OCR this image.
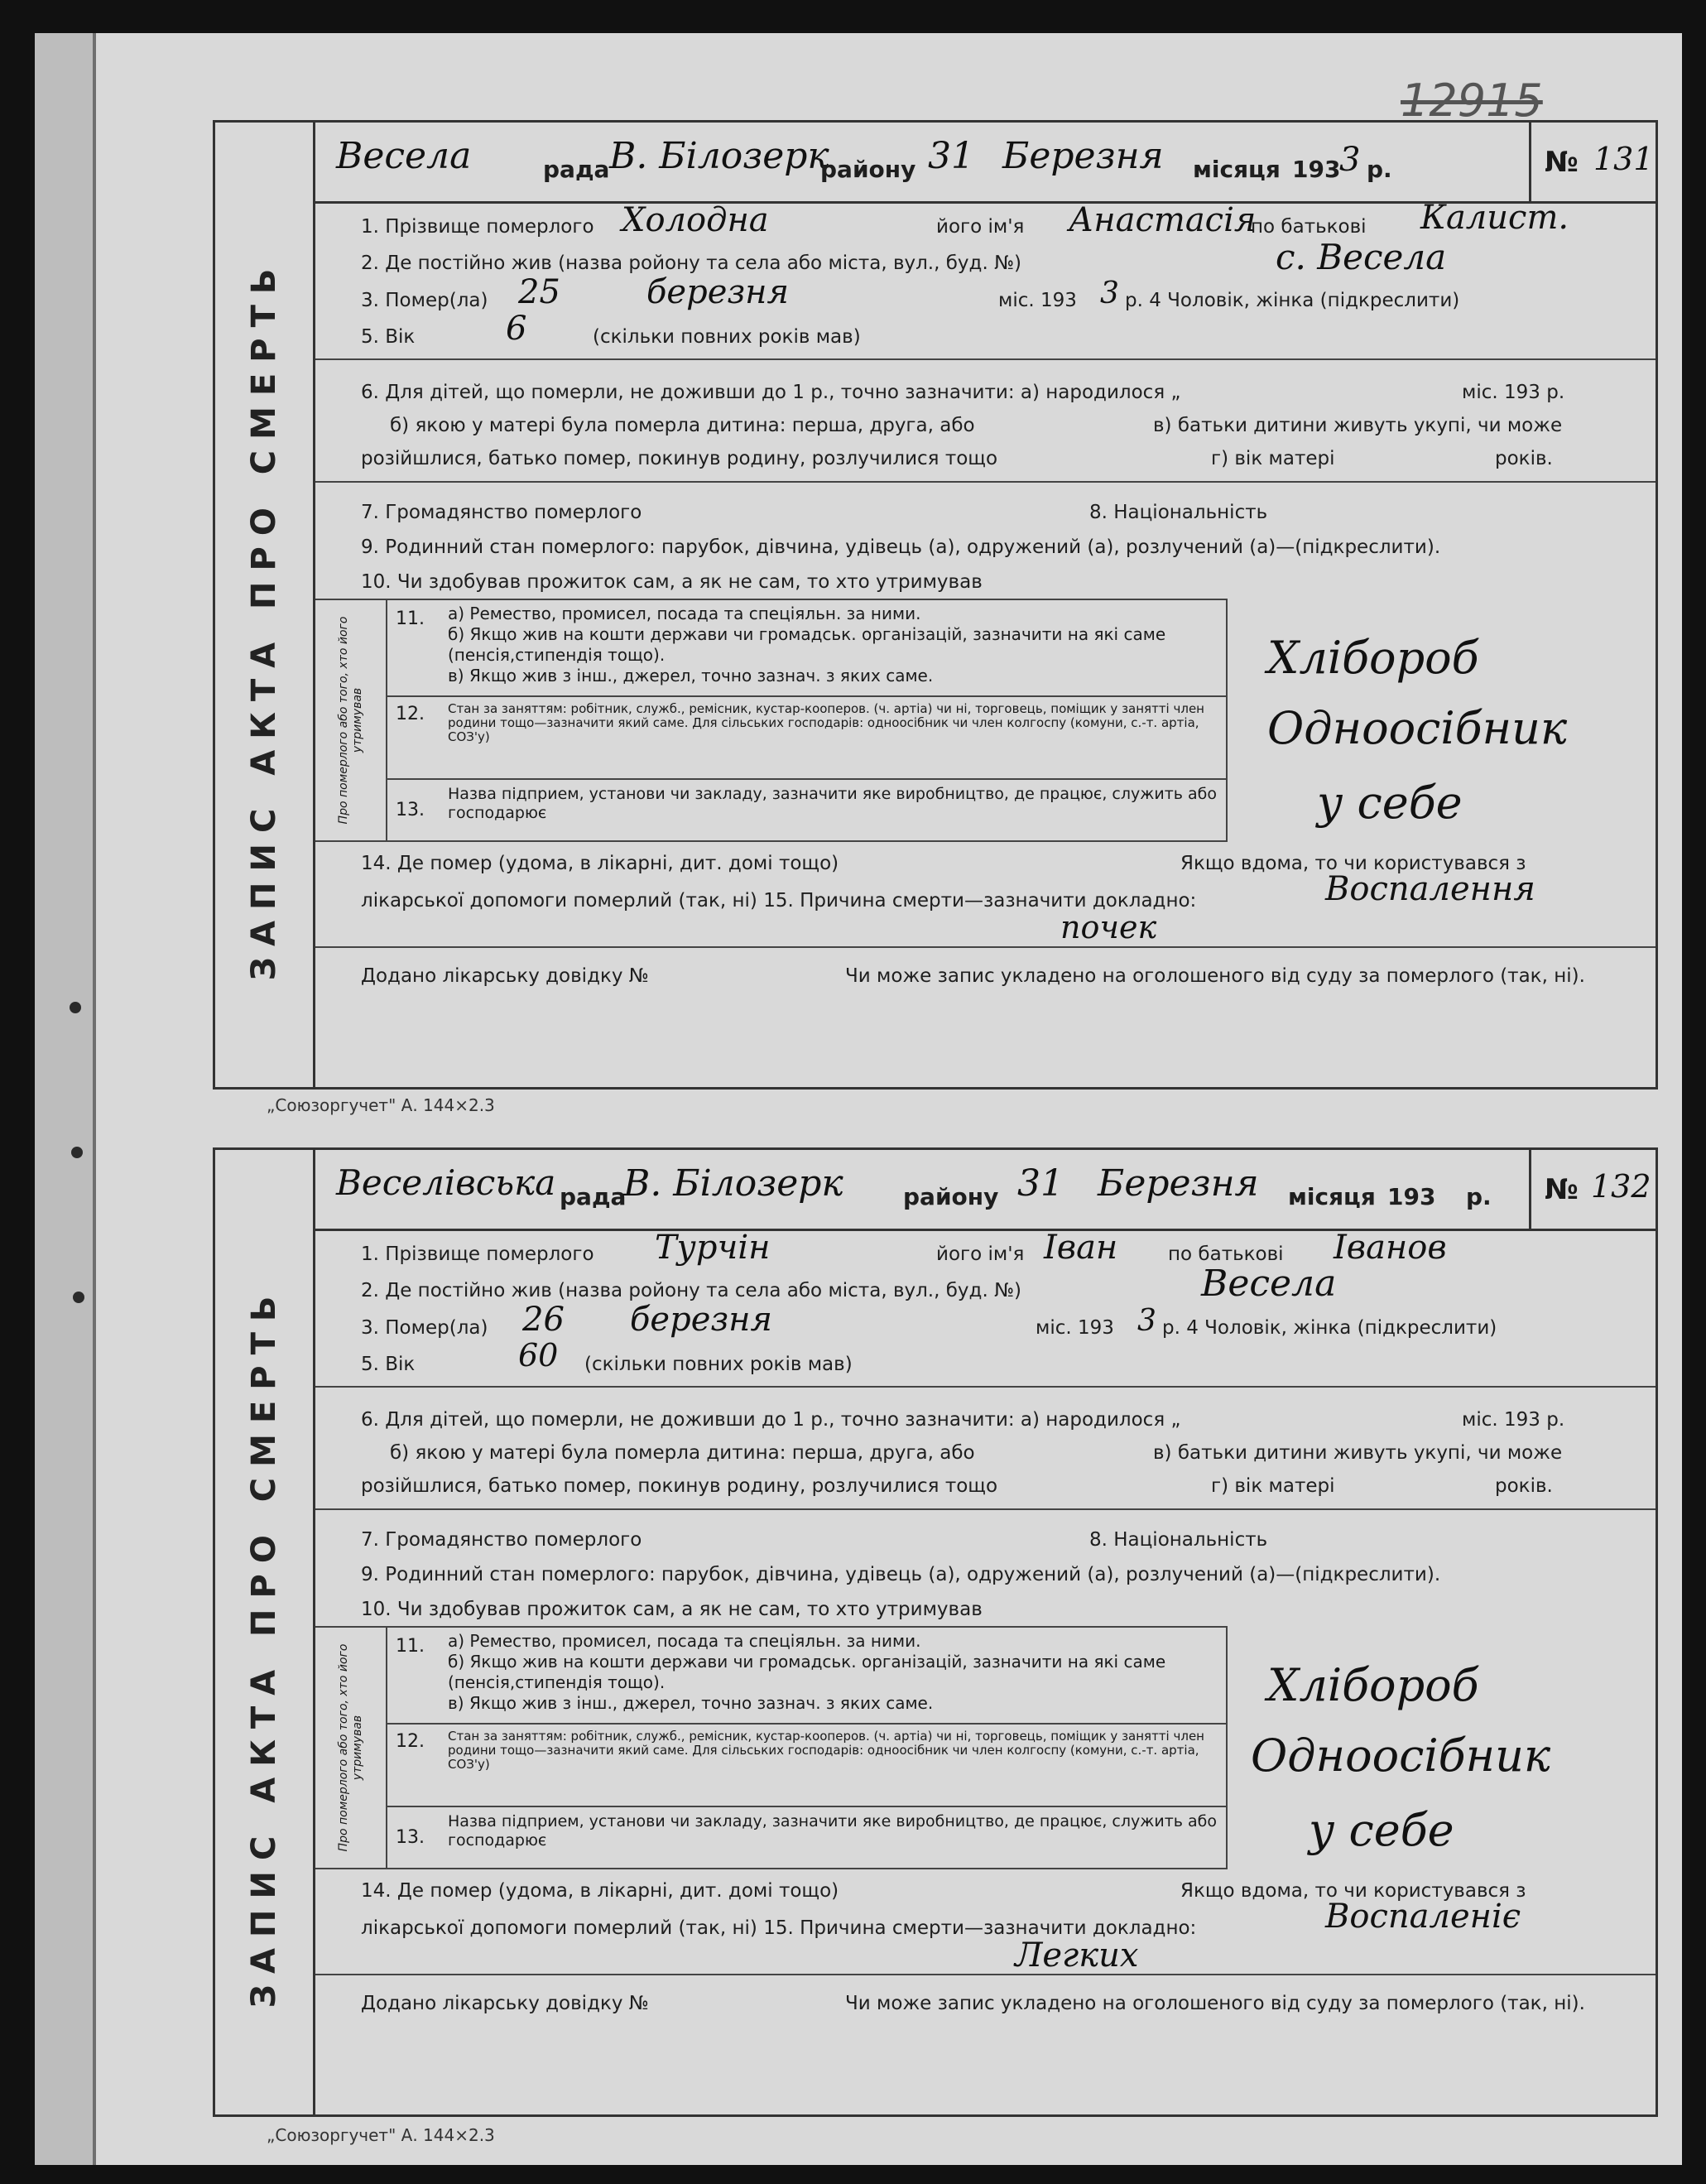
12915
ЗАПИС АКТА ПРО СМЕРТЬ
Весела	рада В. Білозерк
району 31 Березня місяця 193
3 р.	№ 131
1. Прізвище померлого Холодна	його ім'я Анастасія
по батькові Калист.
2. Де постійно жив (назва ройону та села або міста, вул., буд. №)	с. Весела
3. Помер(ла) 25	березня	міс. 193 3 р. 4 Чоловік, жінка (підкреслити)
5. Вік	6	(скільки повних років мав)
6. Для дітей, що померли, не доживши до 1 р., точно зазначити: а) народилося „	міс. 193 р.
б) якою у матері була померла дитина: перша, друга, або	в) батьки дитини живуть укупі, чи може
розійшлися, батько помер, покинув родину, розлучилися тощо	г) вік матері	років.
7. Громадянство померлого	8. Національність
9. Родинний стан померлого: парубок, дівчина, удівець (а), одружений (а), розлучений (а)—(підкреслити).
10. Чи здобував прожиток сам, а як не сам, то хто утримував
Про померлого або того, хто його утримував
11.	а) Ремество, промисел, посада та спеціяльн. за ними.
б) Якщо жив на кошти держави чи громадськ. організацій, зазначити на які саме (пенсія,стипендія тощо).
в) Якщо жив з інш., джерел, точно зазнач. з яких саме.
12.	Стан за заняттям: робітник, служб., ремісник, кустар-кооперов. (ч. артіа) чи ні, торговець, поміщик у занятті член родини тощо—зазначити який саме. Для сільських господарів: одноосібник чи член колгоспу (комуни, с.-т. артіа, СОЗ'у)
13.
Назва підприем, установи чи закладу, зазначити яке виробництво, де працює, служить або господарює
Хлібороб
Одноосібник
у себе
14. Де помер (удома, в лікарні, дит. домі тощо)	Якщо вдома, то чи користувався з
лікарської допомоги померлий (так, ні) 15. Причина смерти—зазначити докладно:	Воспалення
почек
Додано лікарську довідку №	Чи може запис укладено на оголошеного від суду за померлого (так, ні).
„Союзоргучет" А. 144×2.3
ЗАПИС АКТА ПРО СМЕРТЬ
Веселівська рада
В. Білозерк	району 31 Березня місяця 193 р. № 132
1. Прізвище померлого Турчін	його ім'я Іван	по батькові Іванов
2. Де постійно жив (назва ройону та села або міста, вул., буд. №)	Весела
3. Помер(ла) 26 березня	міс. 193 3 р. 4 Чоловік, жінка (підкреслити)
5. Вік	60 (скільки повних років мав)
6. Для дітей, що померли, не доживши до 1 р., точно зазначити: а) народилося „	міс. 193 р.
б) якою у матері була померла дитина: перша, друга, або	в) батьки дитини живуть укупі, чи може
розійшлися, батько помер, покинув родину, розлучилися тощо	г) вік матері	років.
7. Громадянство померлого	8. Національність
9. Родинний стан померлого: парубок, дівчина, удівець (а), одружений (а), розлучений (а)—(підкреслити).
10. Чи здобував прожиток сам, а як не сам, то хто утримував
Про померлого або того, хто його утримував
11.	а) Ремество, промисел, посада та спеціяльн. за ними.
б) Якщо жив на кошти держави чи громадськ. організацій, зазначити на які саме (пенсія,стипендія тощо).
в) Якщо жив з інш., джерел, точно зазнач. з яких саме.
12.	Стан за заняттям: робітник, служб., ремісник, кустар-кооперов. (ч. артіа) чи ні, торговець, поміщик у занятті член родини тощо—зазначити який саме. Для сільських господарів: одноосібник чи член колгоспу (комуни, с.-т. артіа, СОЗ'у)
13.
Назва підприем, установи чи закладу, зазначити яке виробництво, де працює, служить або господарює
Хлібороб
Одноосібник
у себе
14. Де помер (удома, в лікарні, дит. домі тощо)	Якщо вдома, то чи користувався з
лікарської допомоги померлий (так, ні) 15. Причина смерти—зазначити докладно:	Воспаленіє
Легких
Додано лікарську довідку №	Чи може запис укладено на оголошеного від суду за померлого (так, ні).
„Союзоргучет" А. 144×2.3
